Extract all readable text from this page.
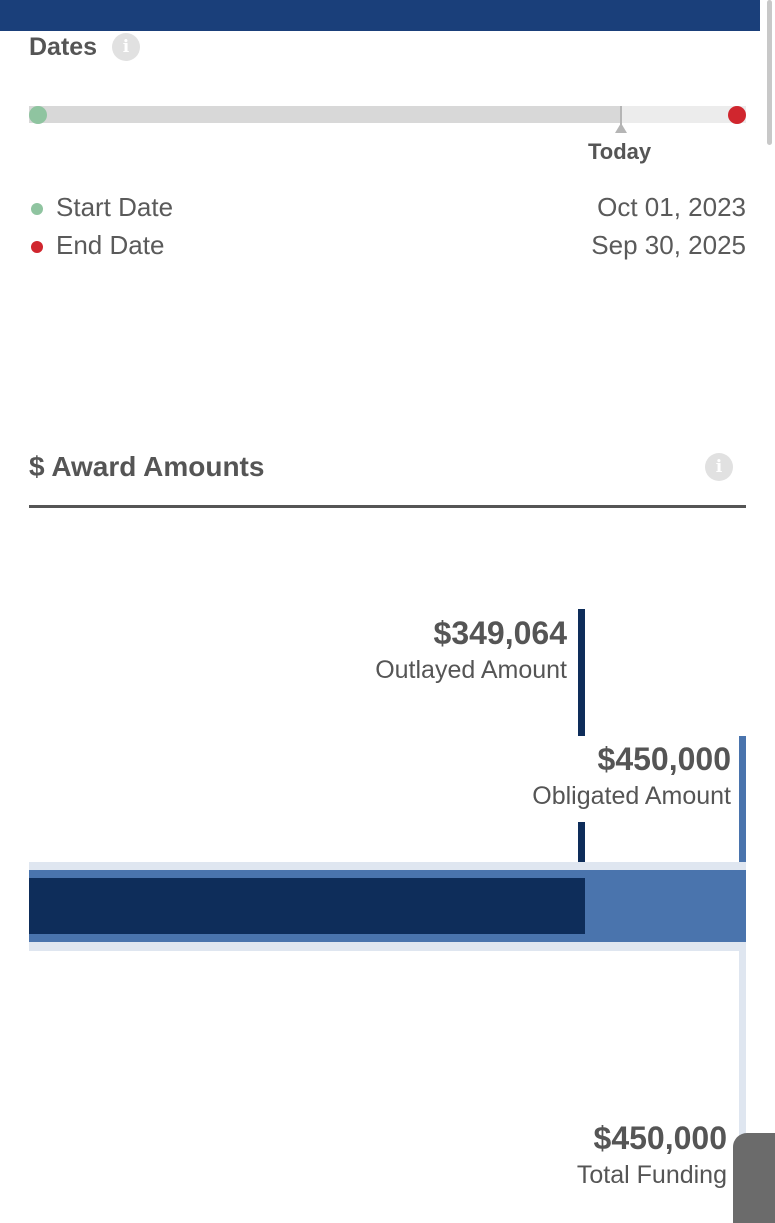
Dates	i
Today
Start Date	Oct 01, 2023
End Date	Sep 30, 2025
$ Award Amounts	i
$349,064
Outlayed Amount
$450,000
Obligated Amount
$450,000
Total Funding
